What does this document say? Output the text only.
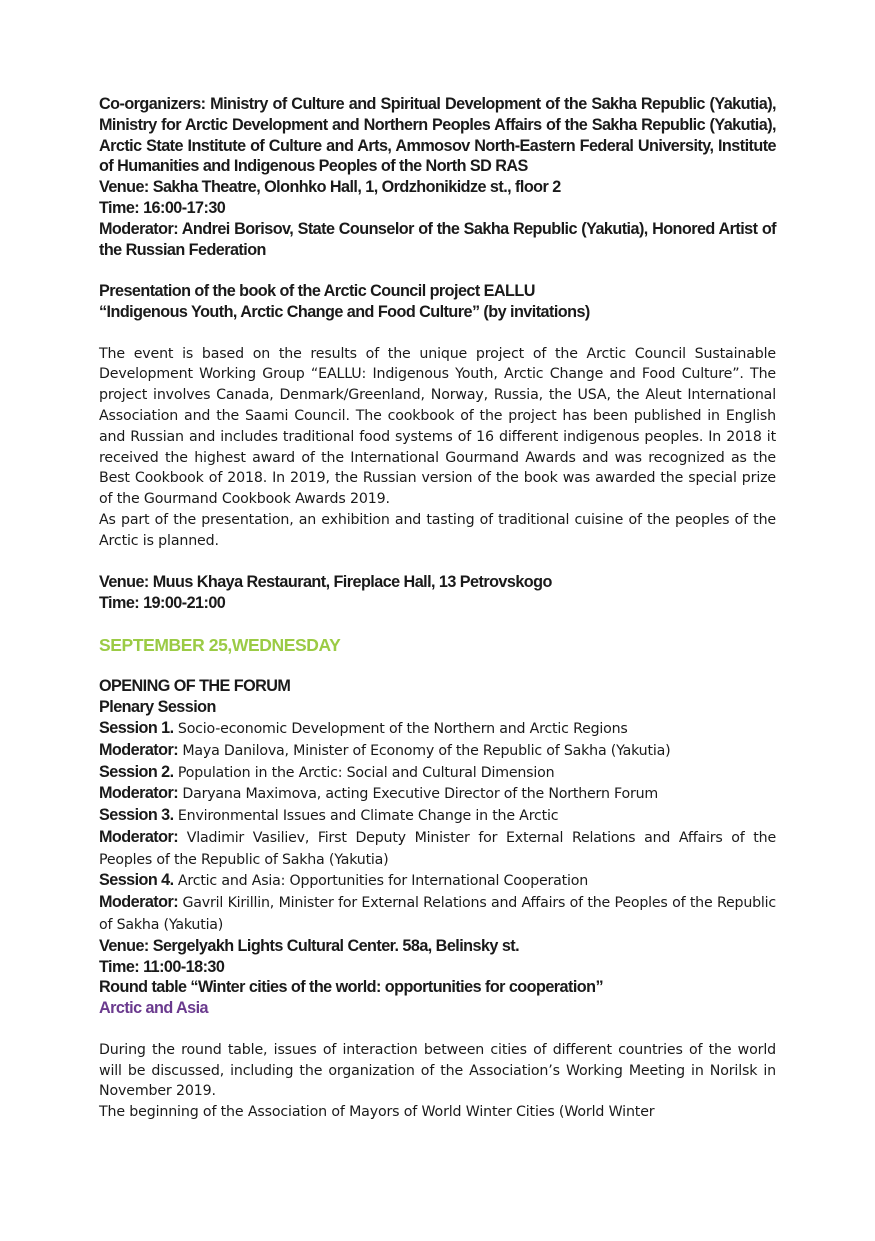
Co-organizers: Ministry of Culture and Spiritual Development of the Sakha Republic (Yakutia), Ministry for Arctic Development and Northern Peoples Affairs of the Sakha Republic (Yakutia), Arctic State Institute of Culture and Arts, Ammosov North-Eastern Federal University, Institute of Humanities and Indigenous Peoples of the North SD RAS

Venue: Sakha Theatre, Olonhko Hall, 1, Ordzhonikidze st., floor 2

Time: 16:00-17:30

Moderator: Andrei Borisov, State Counselor of the Sakha Republic (Yakutia), Honored Artist of the Russian Federation

Presentation of the book of the Arctic Council project EALLU

“Indigenous Youth, Arctic Change and Food Culture” (by invitations)

The event is based on the results of the unique project of the Arctic Council Sustainable Development Working Group “EALLU: Indigenous Youth, Arctic Change and Food Culture”. The project involves Canada, Denmark/Greenland, Norway, Russia, the USA, the Aleut International Association and the Saami Council. The cookbook of the project has been published in English and Russian and includes traditional food systems of 16 different indigenous peoples. In 2018 it received the highest award of the International Gourmand Awards and was recognized as the Best Cookbook of 2018. In 2019, the Russian version of the book was awarded the special prize of the Gourmand Cookbook Awards 2019.

As part of the presentation, an exhibition and tasting of traditional cuisine of the peoples of the Arctic is planned.

Venue: Muus Khaya Restaurant, Fireplace Hall, 13 Petrovskogo

Time: 19:00-21:00

SEPTEMBER 25,WEDNESDAY

OPENING OF THE FORUM

Plenary Session

Session 1. Socio-economic Development of the Northern and Arctic Regions

Moderator: Maya Danilova, Minister of Economy of the Republic of Sakha (Yakutia)

Session 2. Population in the Arctic: Social and Cultural Dimension

Moderator: Daryana Maximova, acting Executive Director of the Northern Forum

Session 3. Environmental Issues and Climate Change in the Arctic

Moderator: Vladimir Vasiliev, First Deputy Minister for External Relations and Affairs of the Peoples of the Republic of Sakha (Yakutia)

Session 4. Arctic and Asia: Opportunities for International Cooperation

Moderator: Gavril Kirillin, Minister for External Relations and Affairs of the Peoples of the Republic of Sakha (Yakutia)

Venue: Sergelyakh Lights Cultural Center. 58a, Belinsky st.

Time: 11:00-18:30

Round table “Winter cities of the world: opportunities for cooperation”

Arctic and Asia

During the round table, issues of interaction between cities of different countries of the world will be discussed, including the organization of the Association’s Working Meeting in Norilsk in November 2019.

The beginning of the Association of Mayors of World Winter Cities (World Winter
